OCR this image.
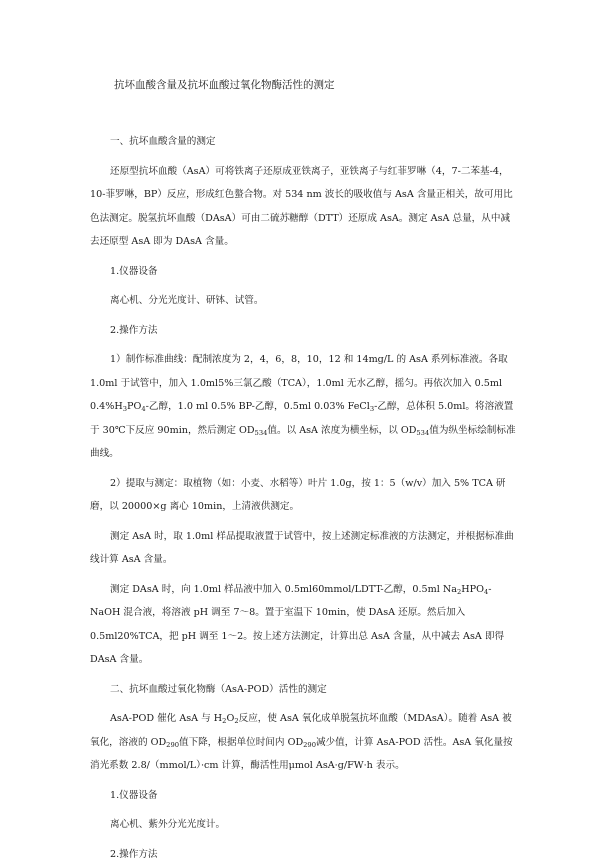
抗坏血酸含量及抗坏血酸过氧化物酶活性的测定

一、抗坏血酸含量的测定

还原型抗坏血酸（AsA）可将铁离子还原成亚铁离子，亚铁离子与红菲罗啉（4，7-二苯基-4，10-菲罗啉，BP）反应，形成红色螯合物。对 534 nm 波长的吸收值与 AsA 含量正相关，故可用比色法测定。脱氢抗坏血酸（DAsA）可由二硫苏糖醇（DTT）还原成 AsA。测定 AsA 总量，从中减去还原型 AsA 即为 DAsA 含量。

1.仪器设备

离心机、分光光度计、研钵、试管。

2.操作方法

1）制作标准曲线：配制浓度为 2，4，6，8，10，12 和 14mg/L 的 AsA 系列标准液。各取 1.0ml 于试管中，加入 1.0ml5%三氯乙酸（TCA），1.0ml 无水乙醇，摇匀。再依次加入 0.5ml $0.4\%H_3PO_4-$乙醇，1.0 ml 0.5% BP-乙醇，0.5ml 0.03% FeCl$_3$-乙醇，总体积 5.0ml。将溶液置于 30℃下反应 90min，然后测定 $OD_{534}$值。以 AsA 浓度为横坐标，以 $OD_{534}$值为纵坐标绘制标准曲线。

2）提取与测定：取植物（如：小麦、水稻等）叶片 1.0g，按 1：5（w/v）加入 5% TCA 研磨，以 20000×g 离心 10min，上清液供测定。

测定 AsA 时，取 1.0ml 样品提取液置于试管中，按上述测定标准液的方法测定，并根据标准曲线计算 AsA 含量。

测定 DAsA 时，向 1.0ml 样品液中加入 0.5ml60mmol/LDTT-乙醇，0.5ml $Na_2HPO_4$-NaOH 混合液，将溶液 pH 调至 7～8。置于室温下 10min，使 DAsA 还原。然后加入 0.5ml20%TCA，把 pH 调至 1～2。按上述方法测定，计算出总 AsA 含量，从中减去 AsA 即得 DAsA 含量。

二、抗坏血酸过氧化物酶（AsA-POD）活性的测定

AsA-POD 催化 AsA 与 $H_2O_2$反应，使 AsA 氧化成单脱氢抗坏血酸（MDAsA）。随着 AsA 被氧化，溶液的 $OD_{290}$值下降，根据单位时间内 $OD_{290}$减少值，计算 AsA-POD 活性。AsA 氧化量按消光系数 2.8/（mmol/L）·cm 计算，酶活性用μmol AsA·g/FW·h 表示。

1.仪器设备

离心机、紫外分光光度计。

2.操作方法
